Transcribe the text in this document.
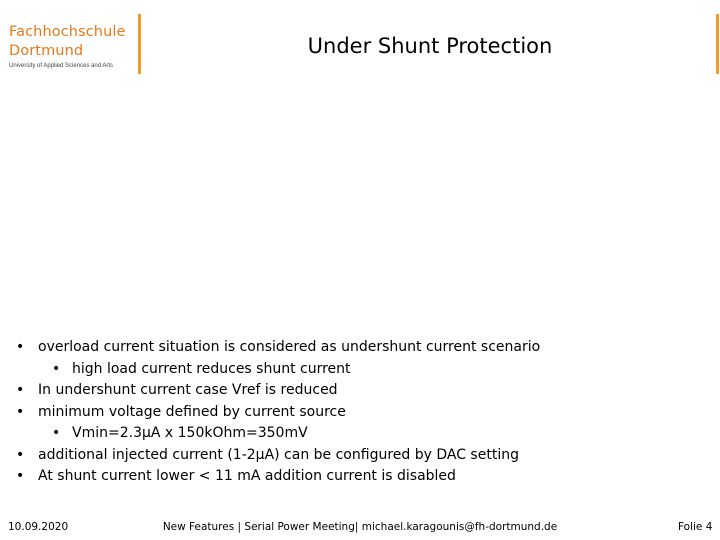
Fachhochschule
Dortmund
University of Applied Sciences and Arts
Under Shunt Protection
• overload current situation is considered as undershunt current scenario
• high load current reduces shunt current
• In undershunt current case Vref is reduced
• minimum voltage defined by current source
• Vmin=2.3µA x 150kOhm=350mV
• additional injected current (1-2µA) can be configured by DAC setting
• At shunt current lower < 11 mA addition current is disabled
10.09.2020	New Features | Serial Power Meeting| michael.karagounis@fh-dortmund.de	Folie 4
